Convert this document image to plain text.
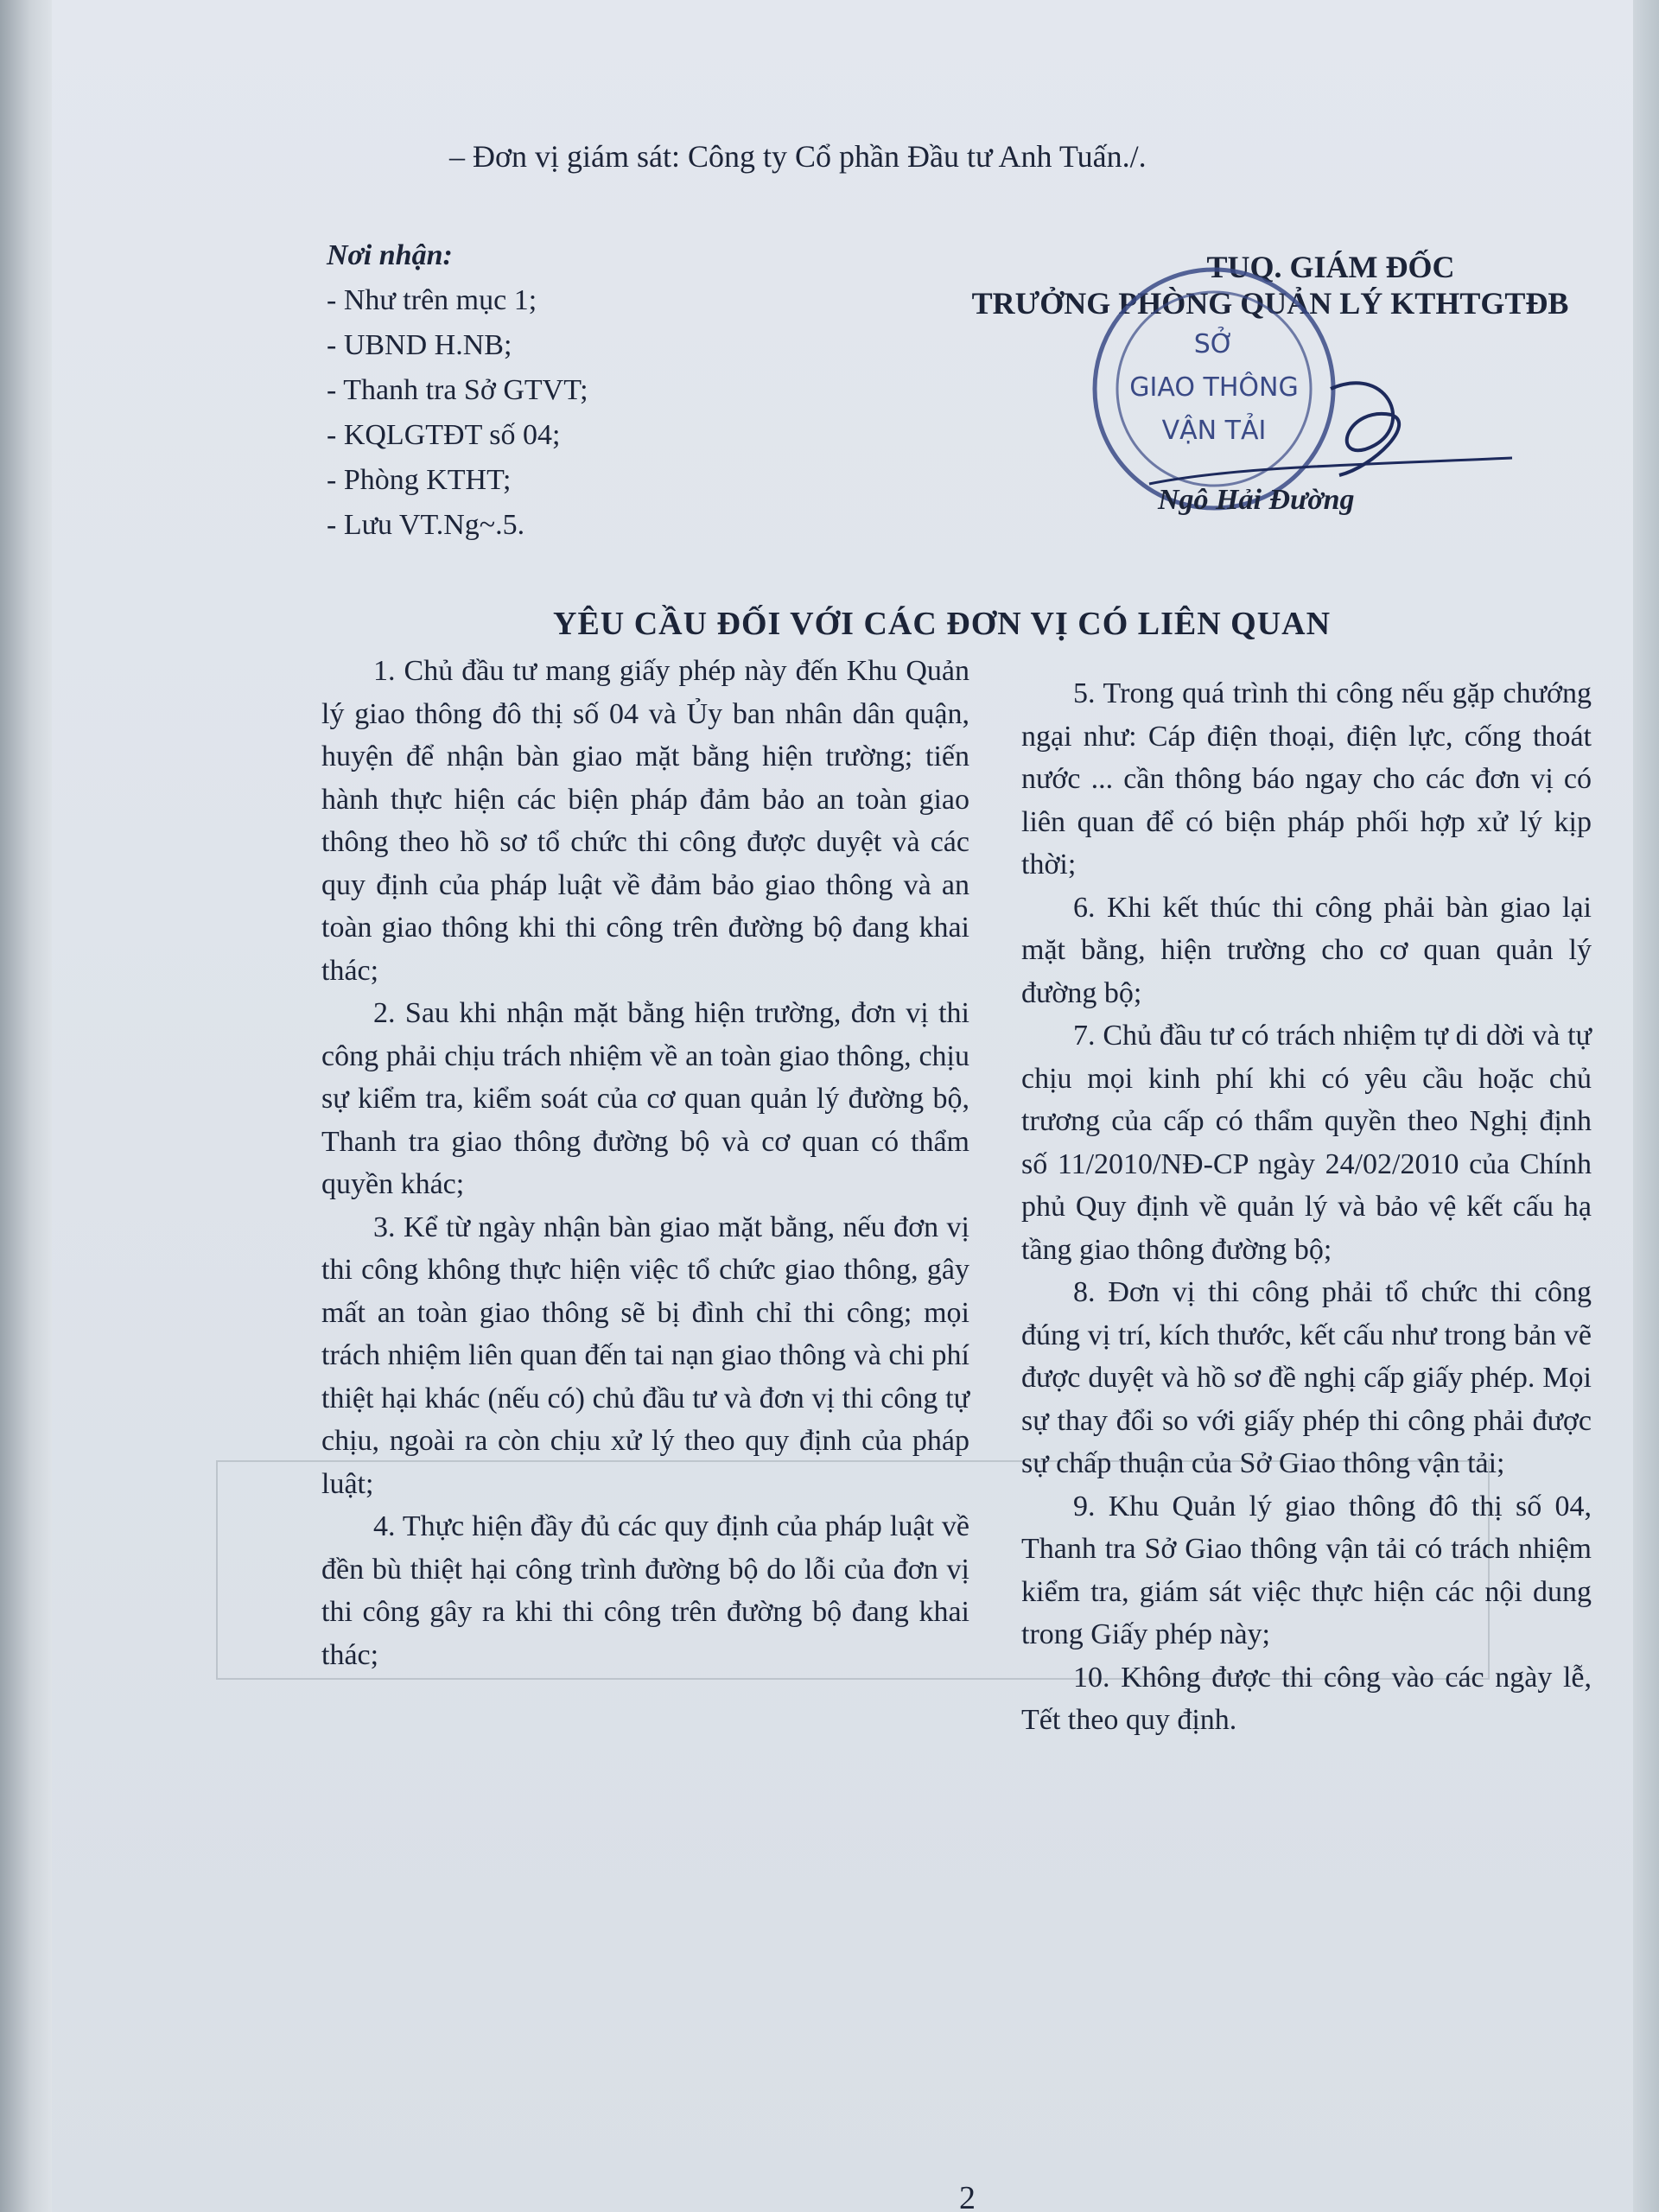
– Đơn vị giám sát: Công ty Cổ phần Đầu tư Anh Tuấn./.
Nơi nhận:
- Như trên mục 1;
- UBND H.NB;
- Thanh tra Sở GTVT;
- KQLGTĐT số 04;
- Phòng KTHT;
- Lưu VT.Ng~.5.
TUQ. GIÁM ĐỐC
TRƯỞNG PHÒNG QUẢN LÝ KTHTGTĐB
SỞ
GIAO THÔNG
VẬN TẢI
Ngô Hải Đường
YÊU CẦU ĐỐI VỚI CÁC ĐƠN VỊ CÓ LIÊN QUAN

1. Chủ đầu tư mang giấy phép này đến Khu Quản lý giao thông đô thị số 04 và Ủy ban nhân dân quận, huyện để nhận bàn giao mặt bằng hiện trường; tiến hành thực hiện các biện pháp đảm bảo an toàn giao thông theo hồ sơ tổ chức thi công được duyệt và các quy định của pháp luật về đảm bảo giao thông và an toàn giao thông khi thi công trên đường bộ đang khai thác;

2. Sau khi nhận mặt bằng hiện trường, đơn vị thi công phải chịu trách nhiệm về an toàn giao thông, chịu sự kiểm tra, kiểm soát của cơ quan quản lý đường bộ, Thanh tra giao thông đường bộ và cơ quan có thẩm quyền khác;

3. Kể từ ngày nhận bàn giao mặt bằng, nếu đơn vị thi công không thực hiện việc tổ chức giao thông, gây mất an toàn giao thông sẽ bị đình chỉ thi công; mọi trách nhiệm liên quan đến tai nạn giao thông và chi phí thiệt hại khác (nếu có) chủ đầu tư và đơn vị thi công tự chịu, ngoài ra còn chịu xử lý theo quy định của pháp luật;

4. Thực hiện đầy đủ các quy định của pháp luật về đền bù thiệt hại công trình đường bộ do lỗi của đơn vị thi công gây ra khi thi công trên đường bộ đang khai thác;

5. Trong quá trình thi công nếu gặp chướng ngại như: Cáp điện thoại, điện lực, cống thoát nước ... cần thông báo ngay cho các đơn vị có liên quan để có biện pháp phối hợp xử lý kịp thời;

6. Khi kết thúc thi công phải bàn giao lại mặt bằng, hiện trường cho cơ quan quản lý đường bộ;

7. Chủ đầu tư có trách nhiệm tự di dời và tự chịu mọi kinh phí khi có yêu cầu hoặc chủ trương của cấp có thẩm quyền theo Nghị định số 11/2010/NĐ-CP ngày 24/02/2010 của Chính phủ Quy định về quản lý và bảo vệ kết cấu hạ tầng giao thông đường bộ;

8. Đơn vị thi công phải tổ chức thi công đúng vị trí, kích thước, kết cấu như trong bản vẽ được duyệt và hồ sơ đề nghị cấp giấy phép. Mọi sự thay đổi so với giấy phép thi công phải được sự chấp thuận của Sở Giao thông vận tải;

9. Khu Quản lý giao thông đô thị số 04, Thanh tra Sở Giao thông vận tải có trách nhiệm kiểm tra, giám sát việc thực hiện các nội dung trong Giấy phép này;

10. Không được thi công vào các ngày lễ, Tết theo quy định.

2
